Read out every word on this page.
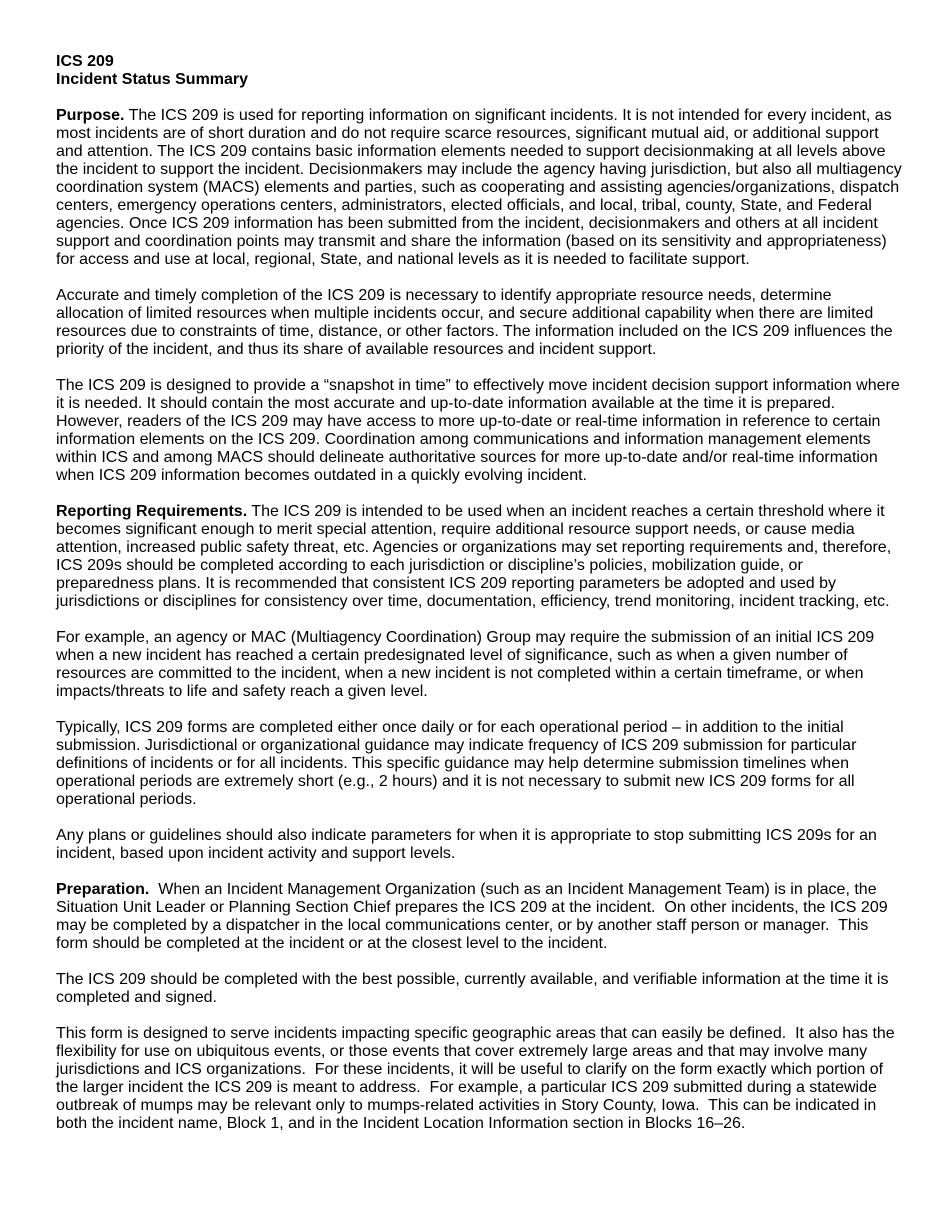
ICS 209
Incident Status Summary

Purpose. The ICS 209 is used for reporting information on significant incidents. It is not intended for every incident, as most incidents are of short duration and do not require scarce resources, significant mutual aid, or additional support and attention. The ICS 209 contains basic information elements needed to support decisionmaking at all levels above the incident to support the incident. Decisionmakers may include the agency having jurisdiction, but also all multiagency coordination system (MACS) elements and parties, such as cooperating and assisting agencies/organizations, dispatch centers, emergency operations centers, administrators, elected officials, and local, tribal, county, State, and Federal agencies. Once ICS 209 information has been submitted from the incident, decisionmakers and others at all incident support and coordination points may transmit and share the information (based on its sensitivity and appropriateness) for access and use at local, regional, State, and national levels as it is needed to facilitate support.

Accurate and timely completion of the ICS 209 is necessary to identify appropriate resource needs, determine allocation of limited resources when multiple incidents occur, and secure additional capability when there are limited resources due to constraints of time, distance, or other factors. The information included on the ICS 209 influences the priority of the incident, and thus its share of available resources and incident support.

The ICS 209 is designed to provide a “snapshot in time” to effectively move incident decision support information where it is needed. It should contain the most accurate and up-to-date information available at the time it is prepared. However, readers of the ICS 209 may have access to more up-to-date or real-time information in reference to certain information elements on the ICS 209. Coordination among communications and information management elements within ICS and among MACS should delineate authoritative sources for more up-to-date and/or real-time information when ICS 209 information becomes outdated in a quickly evolving incident.

Reporting Requirements. The ICS 209 is intended to be used when an incident reaches a certain threshold where it becomes significant enough to merit special attention, require additional resource support needs, or cause media attention, increased public safety threat, etc. Agencies or organizations may set reporting requirements and, therefore, ICS 209s should be completed according to each jurisdiction or discipline’s policies, mobilization guide, or preparedness plans. It is recommended that consistent ICS 209 reporting parameters be adopted and used by jurisdictions or disciplines for consistency over time, documentation, efficiency, trend monitoring, incident tracking, etc.

For example, an agency or MAC (Multiagency Coordination) Group may require the submission of an initial ICS 209 when a new incident has reached a certain predesignated level of significance, such as when a given number of resources are committed to the incident, when a new incident is not completed within a certain timeframe, or when impacts/threats to life and safety reach a given level.

Typically, ICS 209 forms are completed either once daily or for each operational period – in addition to the initial submission. Jurisdictional or organizational guidance may indicate frequency of ICS 209 submission for particular definitions of incidents or for all incidents. This specific guidance may help determine submission timelines when operational periods are extremely short (e.g., 2 hours) and it is not necessary to submit new ICS 209 forms for all operational periods.

Any plans or guidelines should also indicate parameters for when it is appropriate to stop submitting ICS 209s for an incident, based upon incident activity and support levels.

Preparation.  When an Incident Management Organization (such as an Incident Management Team) is in place, the Situation Unit Leader or Planning Section Chief prepares the ICS 209 at the incident.  On other incidents, the ICS 209 may be completed by a dispatcher in the local communications center, or by another staff person or manager.  This form should be completed at the incident or at the closest level to the incident.

The ICS 209 should be completed with the best possible, currently available, and verifiable information at the time it is completed and signed.

This form is designed to serve incidents impacting specific geographic areas that can easily be defined.  It also has the flexibility for use on ubiquitous events, or those events that cover extremely large areas and that may involve many jurisdictions and ICS organizations.  For these incidents, it will be useful to clarify on the form exactly which portion of the larger incident the ICS 209 is meant to address.  For example, a particular ICS 209 submitted during a statewide outbreak of mumps may be relevant only to mumps-related activities in Story County, Iowa.  This can be indicated in both the incident name, Block 1, and in the Incident Location Information section in Blocks 16–26.
